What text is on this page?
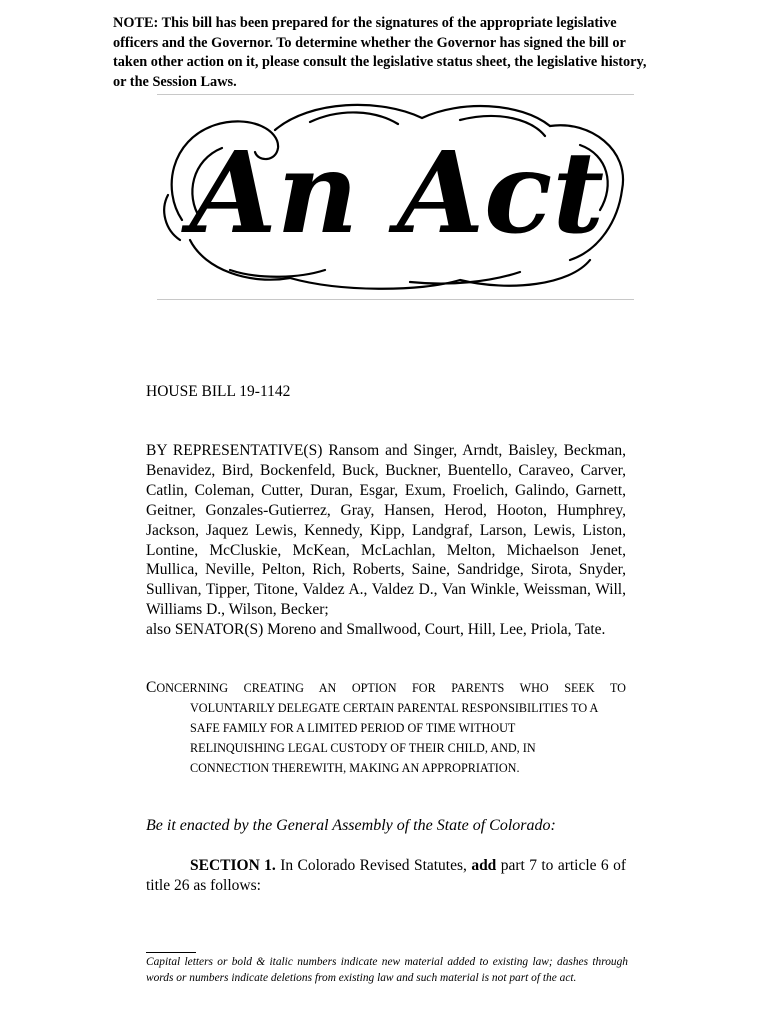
NOTE: This bill has been prepared for the signatures of the appropriate legislative officers and the Governor. To determine whether the Governor has signed the bill or taken other action on it, please consult the legislative status sheet, the legislative history, or the Session Laws.
An Act
HOUSE BILL 19-1142

BY REPRESENTATIVE(S) Ransom and Singer, Arndt, Baisley, Beckman, Benavidez, Bird, Bockenfeld, Buck, Buckner, Buentello, Caraveo, Carver, Catlin, Coleman, Cutter, Duran, Esgar, Exum, Froelich, Galindo, Garnett, Geitner, Gonzales-Gutierrez, Gray, Hansen, Herod, Hooton, Humphrey, Jackson, Jaquez Lewis, Kennedy, Kipp, Landgraf, Larson, Lewis, Liston, Lontine, McCluskie, McKean, McLachlan, Melton, Michaelson Jenet, Mullica, Neville, Pelton, Rich, Roberts, Saine, Sandridge, Sirota, Snyder, Sullivan, Tipper, Titone, Valdez A., Valdez D., Van Winkle, Weissman, Will, Williams D., Wilson, Becker;

also SENATOR(S) Moreno and Smallwood, Court, Hill, Lee, Priola, Tate.

CONCERNING CREATING AN OPTION FOR PARENTS WHO SEEK TO

VOLUNTARILY DELEGATE CERTAIN PARENTAL RESPONSIBILITIES TO A

SAFE FAMILY FOR A LIMITED PERIOD OF TIME WITHOUT

RELINQUISHING LEGAL CUSTODY OF THEIR CHILD, AND, IN

CONNECTION THEREWITH, MAKING AN APPROPRIATION.

Be it enacted by the General Assembly of the State of Colorado:

SECTION 1. In Colorado Revised Statutes, add part 7 to article 6 of title 26 as follows:

Capital letters or bold & italic numbers indicate new material added to existing law; dashes through words or numbers indicate deletions from existing law and such material is not part of the act.
